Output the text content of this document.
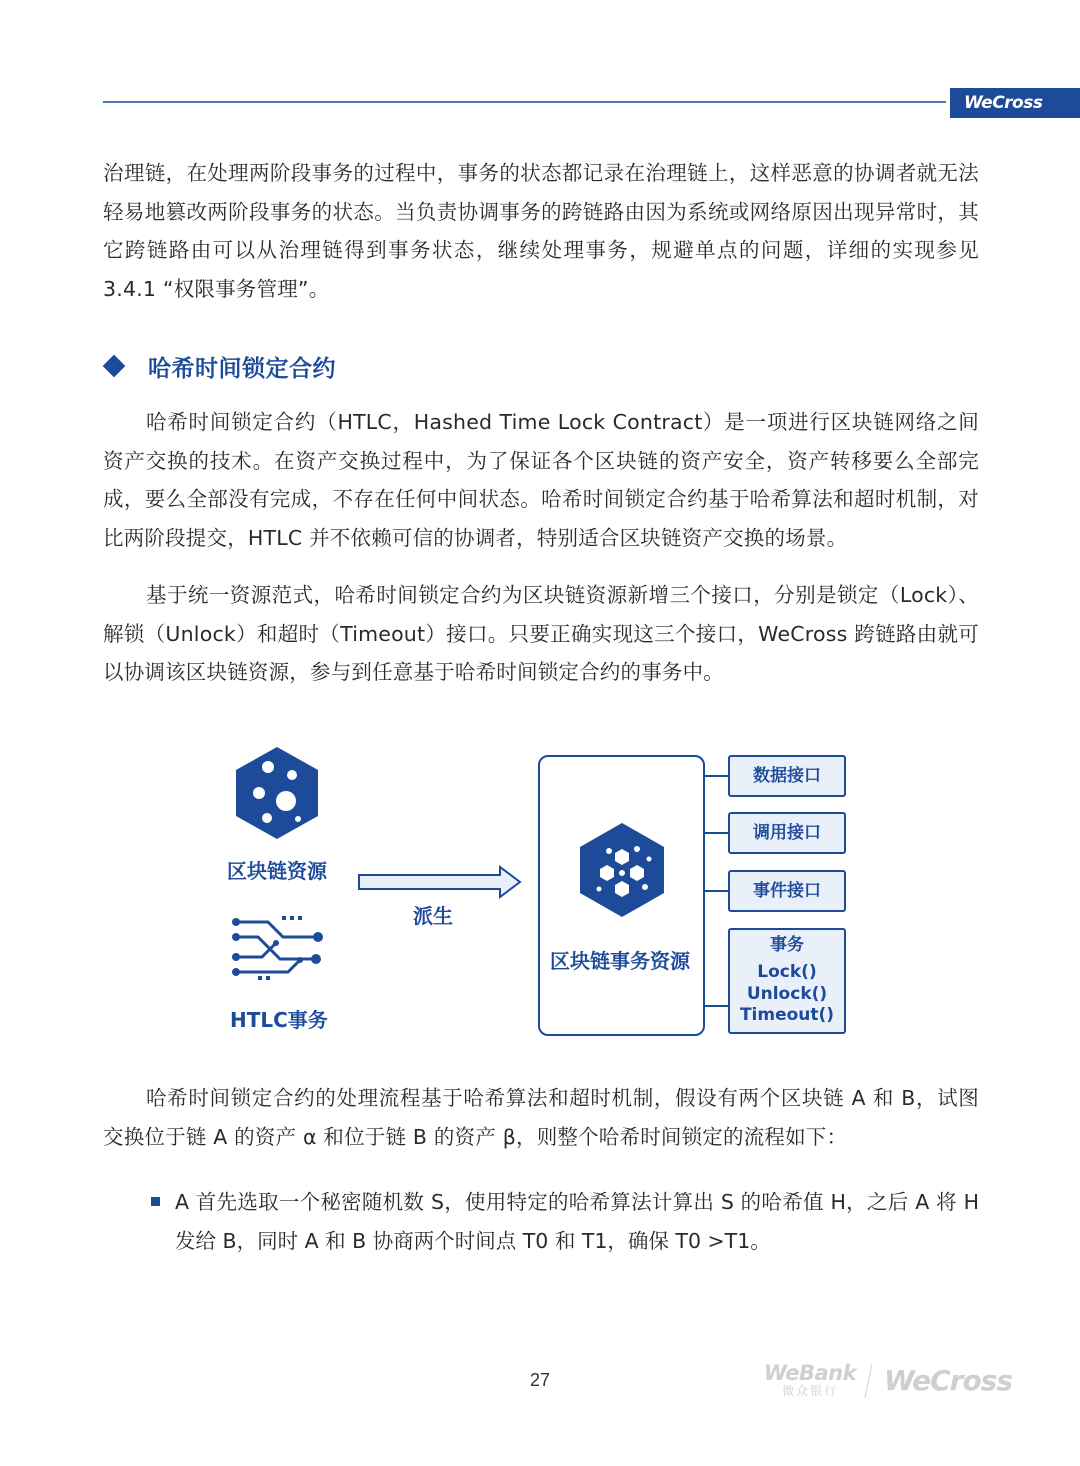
WeCross

治理链，在处理两阶段事务的过程中，事务的状态都记录在治理链上，这样恶意的协调者就无法轻易地篡改两阶段事务的状态。当负责协调事务的跨链路由因为系统或网络原因出现异常时，其它跨链路由可以从治理链得到事务状态，继续处理事务，规避单点的问题，详细的实现参见 3.4.1 “权限事务管理”。

哈希时间锁定合约

哈希时间锁定合约（HTLC，Hashed Time Lock Contract）是一项进行区块链网络之间资产交换的技术。在资产交换过程中，为了保证各个区块链的资产安全，资产转移要么全部完成，要么全部没有完成，不存在任何中间状态。哈希时间锁定合约基于哈希算法和超时机制，对比两阶段提交，HTLC 并不依赖可信的协调者，特别适合区块链资产交换的场景。

基于统一资源范式，哈希时间锁定合约为区块链资源新增三个接口，分别是锁定（Lock）、解锁（Unlock）和超时（Timeout）接口。只要正确实现这三个接口，WeCross 跨链路由就可以协调该区块链资源，参与到任意基于哈希时间锁定合约的事务中。

区块链资源
HTLC事务
派生
区块链事务资源
数据接口
调用接口
事件接口
事务
Lock()
Unlock()
Timeout()

哈希时间锁定合约的处理流程基于哈希算法和超时机制，假设有两个区块链 A 和 B，试图交换位于链 A 的资产 α 和位于链 B 的资产 β，则整个哈希时间锁定的流程如下：

A 首先选取一个秘密随机数 S，使用特定的哈希算法计算出 S 的哈希值 H，之后 A 将 H 发给 B，同时 A 和 B 协商两个时间点 T0 和 T1，确保 T0 >T1。
27	WeBank
微众银行	WeCross
